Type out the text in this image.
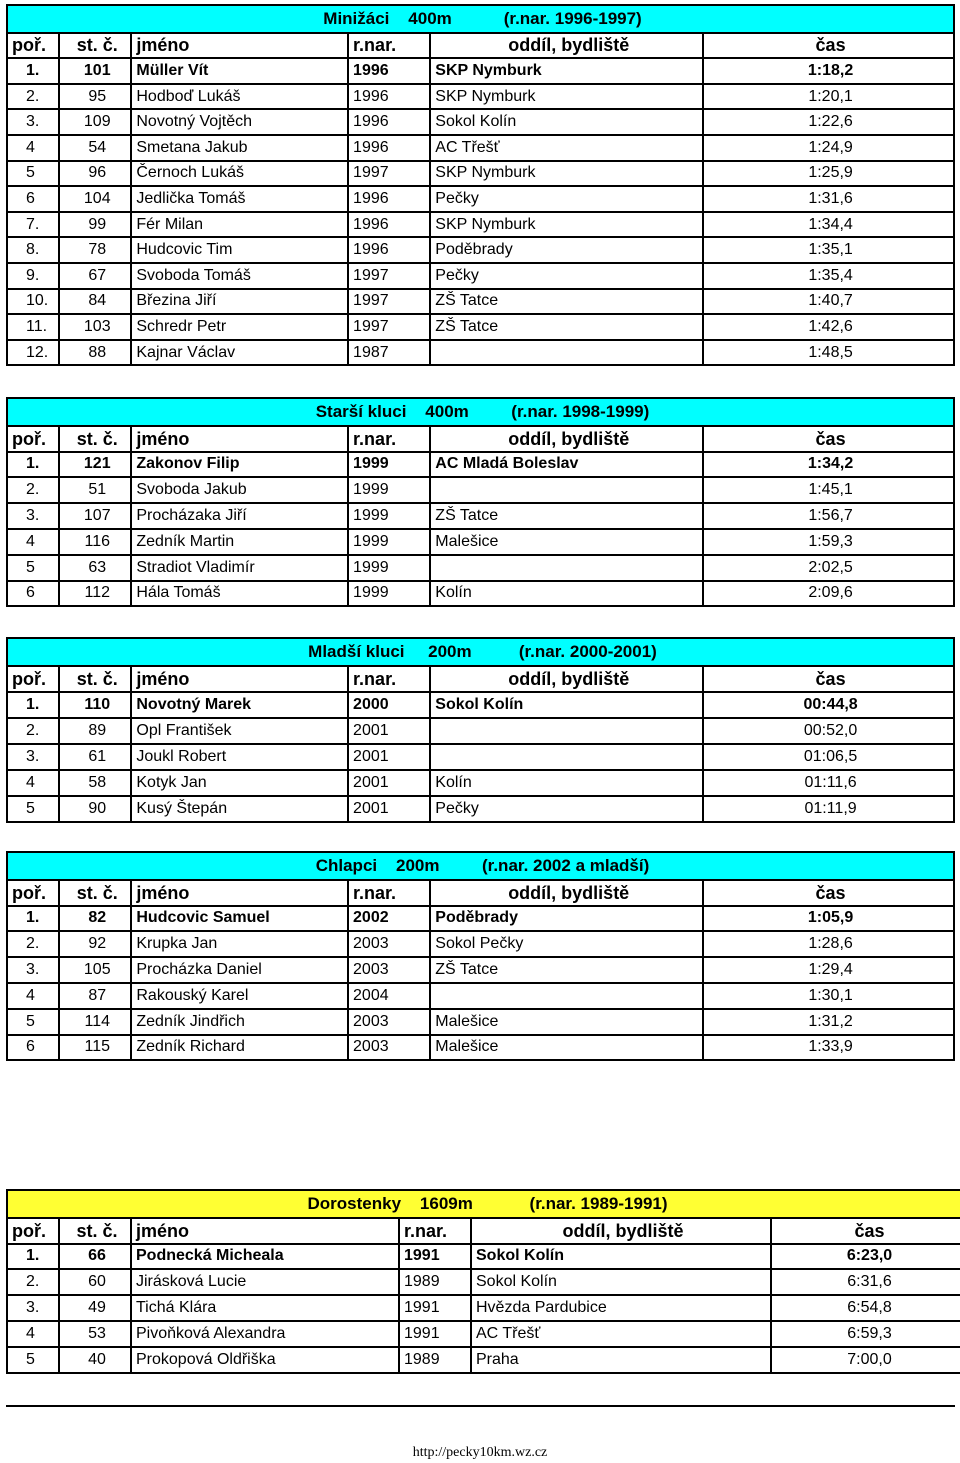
Minižáci    400m           (r.nar. 1996-1997)					
poř.	st. č.	jméno	r.nar.	oddíl, bydliště	čas
1.	101	Müller Vít	1996	SKP Nymburk	1:18,2
2.	95	Hodboď Lukáš	1996	SKP Nymburk	1:20,1
3.	109	Novotný Vojtěch	1996	Sokol Kolín	1:22,6
4	54	Smetana Jakub	1996	AC Třešť	1:24,9
5	96	Černoch Lukáš	1997	SKP Nymburk	1:25,9
6	104	Jedlička Tomáš	1996	Pečky	1:31,6
7.	99	Fér Milan	1996	SKP Nymburk	1:34,4
8.	78	Hudcovic Tim	1996	Poděbrady	1:35,1
9.	67	Svoboda Tomáš	1997	Pečky	1:35,4
10.	84	Březina Jiří	1997	ZŠ Tatce	1:40,7
11.	103	Schredr Petr	1997	ZŠ Tatce	1:42,6
12.	88	Kajnar Václav	1987		1:48,5
Starší kluci    400m         (r.nar. 1998-1999)					
poř.	st. č.	jméno	r.nar.	oddíl, bydliště	čas
1.	121	Zakonov Filip	1999	AC Mladá Boleslav	1:34,2
2.	51	Svoboda Jakub	1999		1:45,1
3.	107	Procházaka Jiří	1999	ZŠ Tatce	1:56,7
4	116	Zedník Martin	1999	Malešice	1:59,3
5	63	Stradiot Vladimír	1999		2:02,5
6	112	Hála Tomáš	1999	Kolín	2:09,6
Mladší kluci     200m          (r.nar. 2000-2001)					
poř.	st. č.	jméno	r.nar.	oddíl, bydliště	čas
1.	110	Novotný Marek	2000	Sokol Kolín	00:44,8
2.	89	Opl František	2001		00:52,0
3.	61	Joukl Robert	2001		01:06,5
4	58	Kotyk Jan	2001	Kolín	01:11,6
5	90	Kusý Štepán	2001	Pečky	01:11,9
Chlapci    200m         (r.nar. 2002 a mladší)					
poř.	st. č.	jméno	r.nar.	oddíl, bydliště	čas
1.	82	Hudcovic Samuel	2002	Poděbrady	1:05,9
2.	92	Krupka Jan	2003	Sokol Pečky	1:28,6
3.	105	Procházka Daniel	2003	ZŠ Tatce	1:29,4
4	87	Rakouský Karel	2004		1:30,1
5	114	Zedník Jindřich	2003	Malešice	1:31,2
6	115	Zedník Richard	2003	Malešice	1:33,9
Dorostenky    1609m            (r.nar. 1989-1991)					
poř.	st. č.	jméno	r.nar.	oddíl, bydliště	čas
1.	66	Podnecká Micheala	1991	Sokol Kolín	6:23,0
2.	60	Jirásková Lucie	1989	Sokol Kolín	6:31,6
3.	49	Tichá Klára	1991	Hvězda Pardubice	6:54,8
4	53	Pivoňková Alexandra	1991	AC Třešť	6:59,3
5	40	Prokopová Oldřiška	1989	Praha	7:00,0
http://pecky10km.wz.cz
